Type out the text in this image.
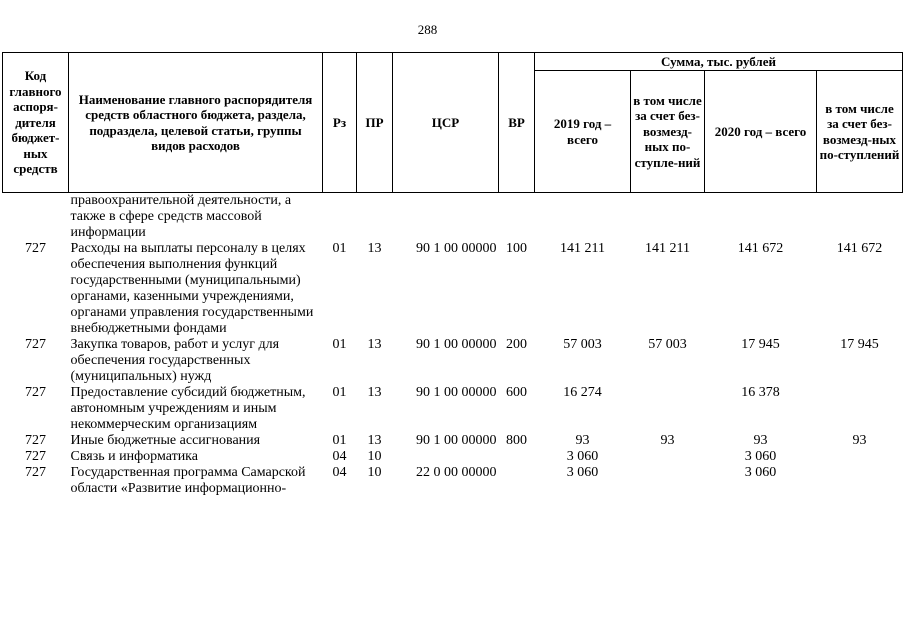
288
Код главного аспоря-дителя бюджет-ных средств	Наименование главного распорядителя средств областного бюджета, раздела, подраздела, целевой статьи, группы видов расходов	Рз	ПР	ЦСР	ВР	Сумма, тыс. рублей			
						2019 год – всего	в том числе за счет без-возмезд-ных по-ступле-ний	2020 год – всего	в том числе за счет без-возмезд-ных по-ступлений
	правоохранительной деятельности, а также в сфере средств массовой информации								
727	Расходы на выплаты персоналу в целях обеспечения выполнения функций государственными (муниципальными) органами, казенными учреждениями, органами управления государственными внебюджетными фондами	01	13	90 1 00 00000	100	141 211	141 211	141 672	141 672
727	Закупка товаров, работ и услуг для обеспечения государственных (муниципальных) нужд	01	13	90 1 00 00000	200	57 003	57 003	17 945	17 945
727	Предоставление субсидий бюджетным, автономным учреждениям и иным некоммерческим организациям	01	13	90 1 00 00000	600	16 274		16 378	
727	Иные бюджетные ассигнования	01	13	90 1 00 00000	800	93	93	93	93
727	Связь и информатика	04	10			3 060		3 060	
727	Государственная программа Самарской области «Развитие информационно-	04	10	22 0 00 00000		3 060		3 060	
